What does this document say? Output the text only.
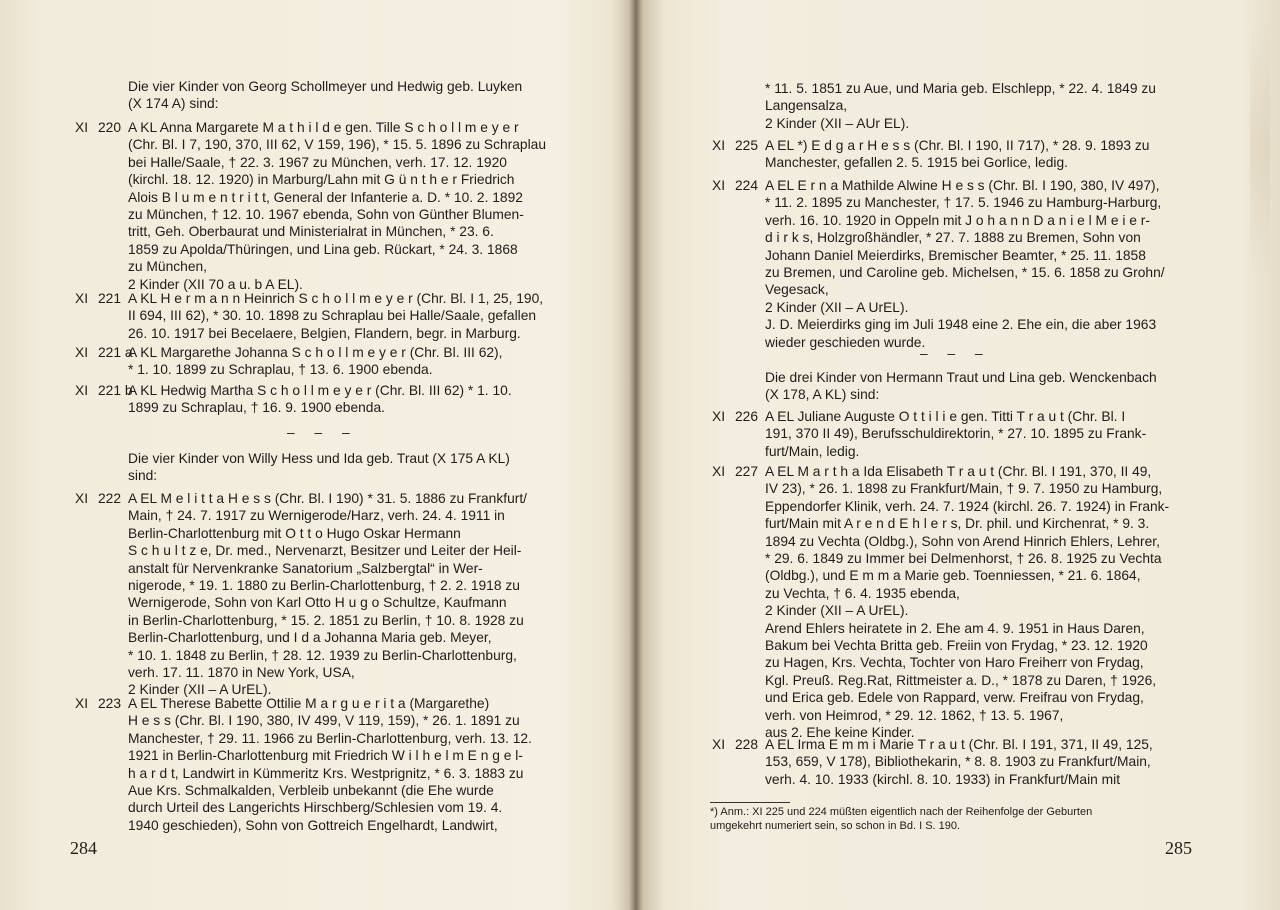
Die vier Kinder von Georg Schollmeyer und Hedwig geb. Luyken
(X 174 A) sind:
XI 220 A KL Anna Margarete M a t h i l d e gen. Tille S c h o l l m e y e r
(Chr. Bl. I 7, 190, 370, III 62, V 159, 196), * 15. 5. 1896 zu Schraplau
bei Halle/Saale, † 22. 3. 1967 zu München, verh. 17. 12. 1920
(kirchl. 18. 12. 1920) in Marburg/Lahn mit G ü n t h e r Friedrich
Alois B l u m e n t r i t t, General der Infanterie a. D. * 10. 2. 1892
zu München, † 12. 10. 1967 ebenda, Sohn von Günther Blumen-
tritt, Geh. Oberbaurat und Ministerialrat in München, * 23. 6.
1859 zu Apolda/Thüringen, und Lina geb. Rückart, * 24. 3. 1868
zu München,
2 Kinder (XII 70 a u. b A EL).
XI 221 A KL H e r m a n n Heinrich S c h o l l m e y e r (Chr. Bl. I 1, 25, 190,
II 694, III 62), * 30. 10. 1898 zu Schraplau bei Halle/Saale, gefallen
26. 10. 1917 bei Becelaere, Belgien, Flandern, begr. in Marburg.
XI 221 a
A KL Margarethe Johanna S c h o l l m e y e r (Chr. Bl. III 62),
* 1. 10. 1899 zu Schraplau, † 13. 6. 1900 ebenda.
XI 221 b
A KL Hedwig Martha S c h o l l m e y e r (Chr. Bl. III 62) * 1. 10.
1899 zu Schraplau, † 16. 9. 1900 ebenda.
– – –
Die vier Kinder von Willy Hess und Ida geb. Traut (X 175 A KL)
sind:
XI 222 A EL M e l i t t a H e s s (Chr. Bl. I 190) * 31. 5. 1886 zu Frankfurt/
Main, † 24. 7. 1917 zu Wernigerode/Harz, verh. 24. 4. 1911 in
Berlin-Charlottenburg mit O t t o Hugo Oskar Hermann
S c h u l t z e, Dr. med., Nervenarzt, Besitzer und Leiter der Heil-
anstalt für Nervenkranke Sanatorium „Salzbergtal“ in Wer-
nigerode, * 19. 1. 1880 zu Berlin-Charlottenburg, † 2. 2. 1918 zu
Wernigerode, Sohn von Karl Otto H u g o Schultze, Kaufmann
in Berlin-Charlottenburg, * 15. 2. 1851 zu Berlin, † 10. 8. 1928 zu
Berlin-Charlottenburg, und I d a Johanna Maria geb. Meyer,
* 10. 1. 1848 zu Berlin, † 28. 12. 1939 zu Berlin-Charlottenburg,
verh. 17. 11. 1870 in New York, USA,
2 Kinder (XII – A UrEL).
XI 223 A EL Therese Babette Ottilie M a r g u e r i t a (Margarethe)
H e s s (Chr. Bl. I 190, 380, IV 499, V 119, 159), * 26. 1. 1891 zu
Manchester, † 29. 11. 1966 zu Berlin-Charlottenburg, verh. 13. 12.
1921 in Berlin-Charlottenburg mit Friedrich W i l h e l m E n g e l-
h a r d t, Landwirt in Kümmeritz Krs. Westprignitz, * 6. 3. 1883 zu
Aue Krs. Schmalkalden, Verbleib unbekannt (die Ehe wurde
durch Urteil des Langerichts Hirschberg/Schlesien vom 19. 4.
1940 geschieden), Sohn von Gottreich Engelhardt, Landwirt,
284
* 11. 5. 1851 zu Aue, und Maria geb. Elschlepp, * 22. 4. 1849 zu
Langensalza,
2 Kinder (XII – AUr EL).
XI 225 A EL *) E d g a r H e s s (Chr. Bl. I 190, II 717), * 28. 9. 1893 zu
Manchester, gefallen 2. 5. 1915 bei Gorlice, ledig.
XI 224 A EL E r n a Mathilde Alwine H e s s (Chr. Bl. I 190, 380, IV 497),
* 11. 2. 1895 zu Manchester, † 17. 5. 1946 zu Hamburg-Harburg,
verh. 16. 10. 1920 in Oppeln mit J o h a n n D a n i e l M e i e r-
d i r k s, Holzgroßhändler, * 27. 7. 1888 zu Bremen, Sohn von
Johann Daniel Meierdirks, Bremischer Beamter, * 25. 11. 1858
zu Bremen, und Caroline geb. Michelsen, * 15. 6. 1858 zu Grohn/
Vegesack,
2 Kinder (XII – A UrEL).
J. D. Meierdirks ging im Juli 1948 eine 2. Ehe ein, die aber 1963
wieder geschieden wurde.
– – –
Die drei Kinder von Hermann Traut und Lina geb. Wenckenbach
(X 178, A KL) sind:
XI 226 A EL Juliane Auguste O t t i l i e gen. Titti T r a u t (Chr. Bl. I
191, 370 II 49), Berufsschuldirektorin, * 27. 10. 1895 zu Frank-
furt/Main, ledig.
XI 227 A EL M a r t h a Ida Elisabeth T r a u t (Chr. Bl. I 191, 370, II 49,
IV 23), * 26. 1. 1898 zu Frankfurt/Main, † 9. 7. 1950 zu Hamburg,
Eppendorfer Klinik, verh. 24. 7. 1924 (kirchl. 26. 7. 1924) in Frank-
furt/Main mit A r e n d E h l e r s, Dr. phil. und Kirchenrat, * 9. 3.
1894 zu Vechta (Oldbg.), Sohn von Arend Hinrich Ehlers, Lehrer,
* 29. 6. 1849 zu Immer bei Delmenhorst, † 26. 8. 1925 zu Vechta
(Oldbg.), und E m m a Marie geb. Toenniessen, * 21. 6. 1864,
zu Vechta, † 6. 4. 1935 ebenda,
2 Kinder (XII – A UrEL).
Arend Ehlers heiratete in 2. Ehe am 4. 9. 1951 in Haus Daren,
Bakum bei Vechta Britta geb. Freiin von Frydag, * 23. 12. 1920
zu Hagen, Krs. Vechta, Tochter von Haro Freiherr von Frydag,
Kgl. Preuß. Reg.Rat, Rittmeister a. D., * 1878 zu Daren, † 1926,
und Erica geb. Edele von Rappard, verw. Freifrau von Frydag,
verh. von Heimrod, * 29. 12. 1862, † 13. 5. 1967,
aus 2. Ehe keine Kinder.
XI 228 A EL Irma E m m i Marie T r a u t (Chr. Bl. I 191, 371, II 49, 125,
153, 659, V 178), Bibliothekarin, * 8. 8. 1903 zu Frankfurt/Main,
verh. 4. 10. 1933 (kirchl. 8. 10. 1933) in Frankfurt/Main mit
*) Anm.: XI 225 und 224 müßten eigentlich nach der Reihenfolge der Geburten
umgekehrt numeriert sein, so schon in Bd. I S. 190.
285
